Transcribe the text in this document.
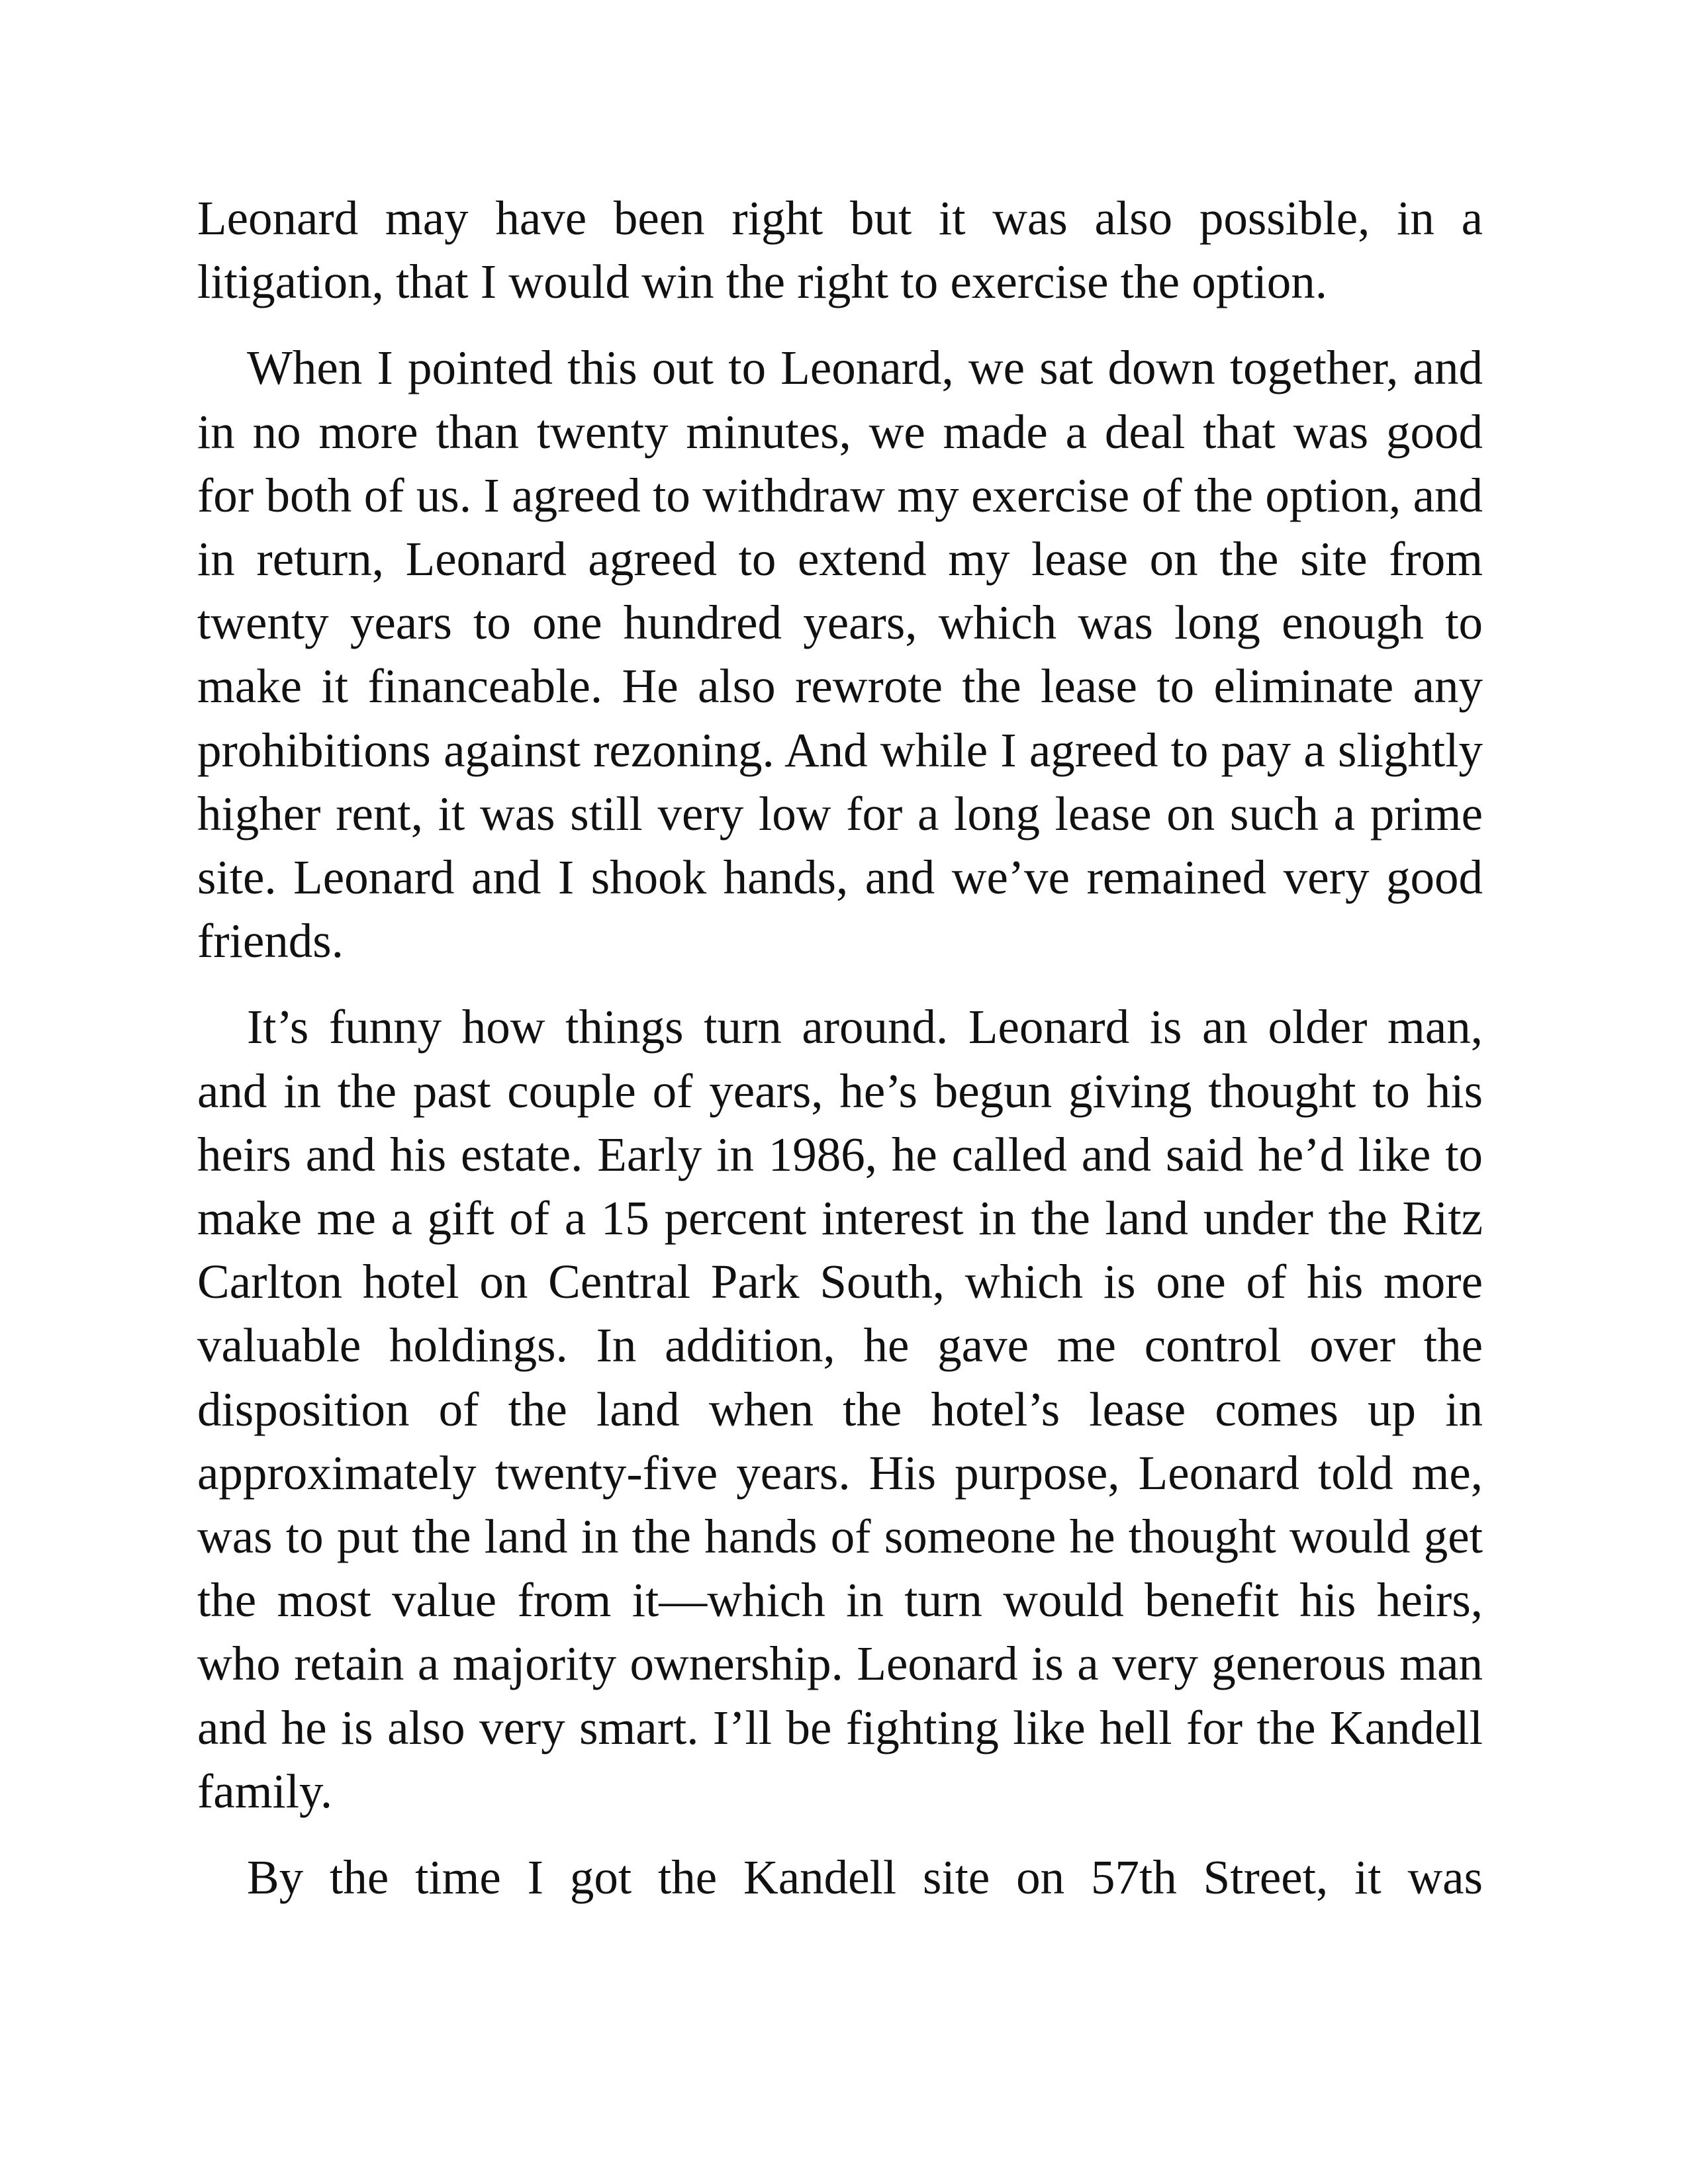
Leonard may have been right but it was also possible, in a litigation, that I would win the right to exercise the option.

When I pointed this out to Leonard, we sat down together, and in no more than twenty minutes, we made a deal that was good for both of us. I agreed to withdraw my exercise of the option, and in return, Leonard agreed to extend my lease on the site from twenty years to one hundred years, which was long enough to make it financeable. He also rewrote the lease to eliminate any prohibitions against rezoning. And while I agreed to pay a slightly higher rent, it was still very low for a long lease on such a prime site. Leonard and I shook hands, and we’ve remained very good friends.

It’s funny how things turn around. Leonard is an older man, and in the past couple of years, he’s begun giving thought to his heirs and his estate. Early in 1986, he called and said he’d like to make me a gift of a 15 percent interest in the land under the Ritz Carlton hotel on Central Park South, which is one of his more valuable holdings. In addition, he gave me control over the disposition of the land when the hotel’s lease comes up in approximately twenty-five years. His purpose, Leonard told me, was to put the land in the hands of someone he thought would get the most value from it—which in turn would benefit his heirs, who retain a majority ownership. Leonard is a very generous man and he is also very smart. I’ll be fighting like hell for the Kandell family.

By the time I got the Kandell site on 57th Street, it was
